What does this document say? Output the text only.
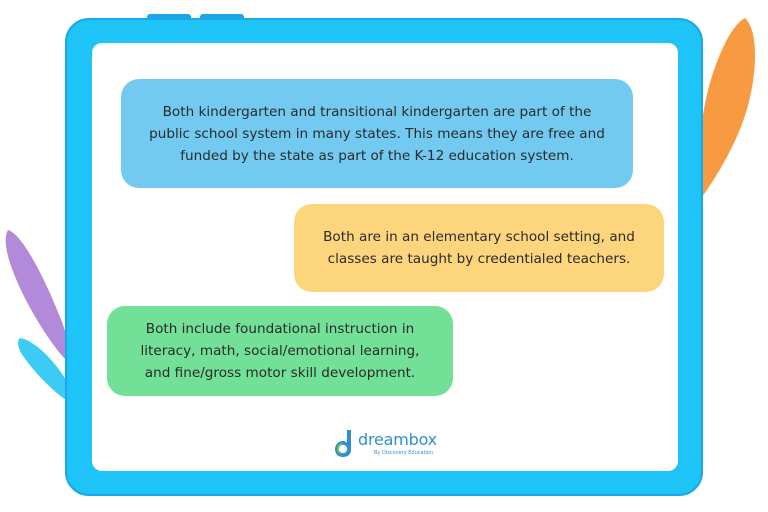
Both kindergarten and transitional kindergarten are part of the
public school system in many states. This means they are free and
funded by the state as part of the K-12 education system.
Both are in an elementary school setting, and
classes are taught by credentialed teachers.
Both include foundational instruction in
literacy, math, social/emotional learning,
and fine/gross motor skill development.
dreambox
By Discovery Education
